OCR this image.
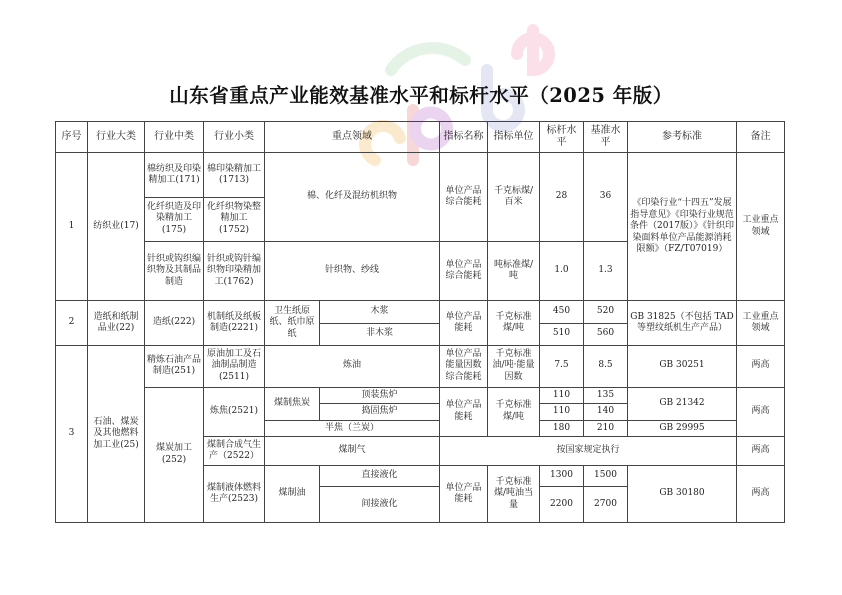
山东省重点产业能效基准水平和标杆水平（2025 年版）
序号	行业大类	行业中类	行业小类	重点领域		指标名称	指标单位	标杆水平	基准水平	参考标准	备注
1	纺织业(17)	棉纺织及印染精加工(171)	棉印染精加工(1713)	棉、化纤及混纺机织物		单位产品综合能耗	千克标煤/百米	28	36	《印染行业“十四五”发展指导意见》《印染行业规范条件（2017版）》《针织印染面料单位产品能源消耗限额》（FZ/T07019）	工业重点领域
		化纤织造及印染精加工(175)	化纤织物染整精加工(1752)								
		针织或钩织编织物及其制品制造	针织或钩针编织物印染精加工(1762)	针织物、纱线		单位产品综合能耗	吨标准煤/吨	1.0	1.3		
2	造纸和纸制品业(22)	造纸(222)	机制纸及纸板制造(2221)	卫生纸原纸、纸巾原纸	木浆	单位产品能耗	千克标准煤/吨	450	520	GB 31825（不包括 TAD 等塑纹纸机生产产品）	工业重点领域
					非木浆			510	560		
3	石油、煤炭及其他燃料加工业(25)	精炼石油产品制造(251)	原油加工及石油制品制造(2511)	炼油		单位产品能量因数综合能耗	千克标准油/吨·能量因数	7.5	8.5	GB 30251	两高
		煤炭加工(252)	炼焦(2521)	煤制焦炭	顶装焦炉	单位产品能耗	千克标准煤/吨	110	135	GB 21342	两高
					捣固焦炉			110	140		
				半焦（兰炭）				180	210	GB 29995	
			煤制合成气生产（2522）	煤制气		按国家规定执行					两高
			煤制液体燃料生产(2523)	煤制油	直接液化	单位产品能耗	千克标准煤/吨油当量	1300	1500	GB 30180	两高
					间接液化			2200	2700		
